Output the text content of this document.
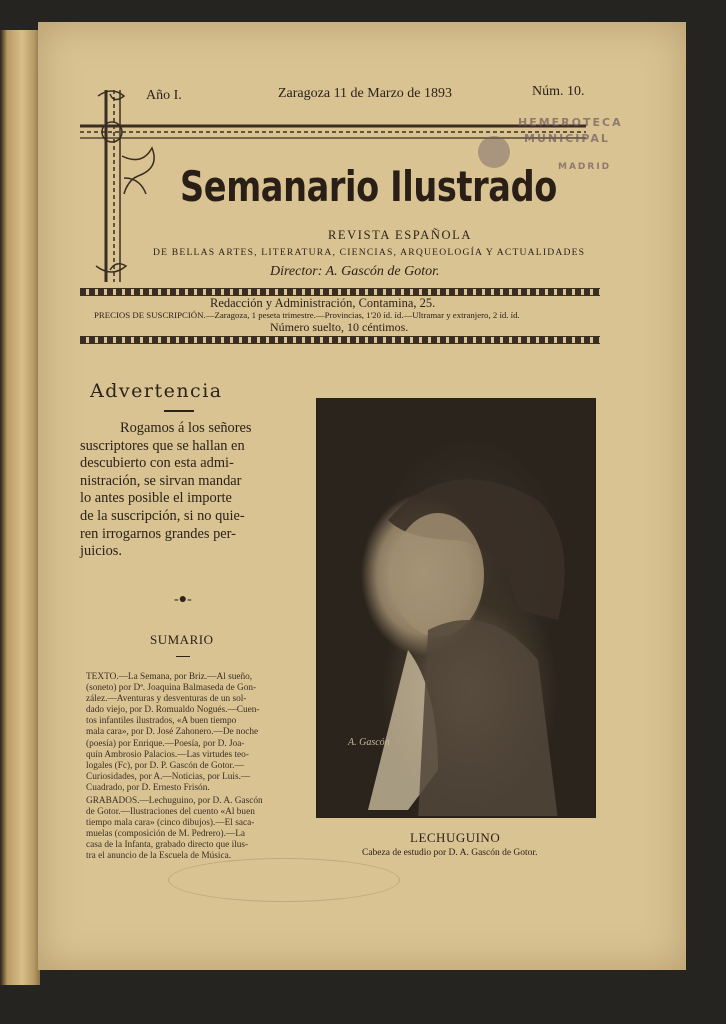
Año I.	Zaragoza 11 de Marzo de 1893	Núm. 10.
HEMEROTECA
MUNICIPAL
MADRID
Semanario Ilustrado
REVISTA ESPAÑOLA
DE BELLAS ARTES, LITERATURA, CIENCIAS, ARQUEOLOGÍA Y ACTUALIDADES
Director: A. Gascón de Gotor.
Redacción y Administración, Contamina, 25.
PRECIOS DE SUSCRIPCIÓN.—Zaragoza, 1 peseta trimestre.—Provincias, 1'20 íd. íd.—Ultramar y extranjero, 2 íd. íd.
Número suelto, 10 céntimos.
Advertencia
Rogamos á los señores
suscriptores que se hallan en
descubierto con esta admi-
nistración, se sirvan mandar
lo antes posible el importe
de la suscripción, si no quie-
ren irrogarnos grandes per-
juicios.
-●-
SUMARIO
TEXTO.—La Semana, por Briz.—Al sueño,
(soneto) por Dª. Joaquina Balmaseda de Gon-
zález.—Aventuras y desventuras de un sol-
dado viejo, por D. Romualdo Nogués.—Cuen-
tos infantiles ilustrados, «A buen tiempo
mala cara», por D. José Zahonero.—De noche
(poesía) por Enrique.—Poesía, por D. Joa-
quín Ambrosio Palacios.—Las virtudes teo-
logales (Fc), por D. P. Gascón de Gotor.—
Curiosidades, por A.—Noticias, por Luis.—
Cuadrado, por D. Ernesto Frisón.
GRABADOS.—Lechuguino, por D. A. Gascón
de Gotor.—Ilustraciones del cuento «Al buen
tiempo mala cara» (cinco dibujos).—El saca-
muelas (composición de M. Pedrero).—La
casa de la Infanta, grabado directo que ilus-
tra el anuncio de la Escuela de Música.
A. Gascón
LECHUGUINO
Cabeza de estudio por D. A. Gascón de Gotor.
